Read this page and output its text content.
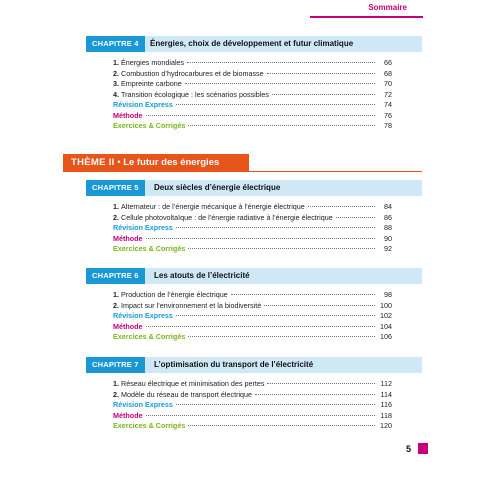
Sommaire
CHAPITRE 4	Énergies, choix de développement et futur climatique
1. Énergies mondiales	66
2. Combustion d’hydrocarbures et de biomasse	68
3. Empreinte carbone	70
4. Transition écologique : les scénarios possibles	72
Révision Express	74
Méthode	76
Exercices & Corrigés	78
THÈME II • Le futur des énergies
CHAPITRE 5	Deux siècles d’énergie électrique
1. Alternateur : de l’énergie mécanique à l’énergie électrique	84
2. Cellule photovoltaïque : de l’énergie radiative à l’énergie électrique	86
Révision Express	88
Méthode	90
Exercices & Corrigés	92
CHAPITRE 6	Les atouts de l’électricité
1. Production de l’énergie électrique	98
2. Impact sur l’environnement et la biodiversité	100
Révision Express	102
Méthode	104
Exercices & Corrigés	106
CHAPITRE 7	L’optimisation du transport de l’électricité
1. Réseau électrique et minimisation des pertes	112
2. Modèle du réseau de transport électrique	114
Révision Express	116
Méthode	118
Exercices & Corrigés	120
5
